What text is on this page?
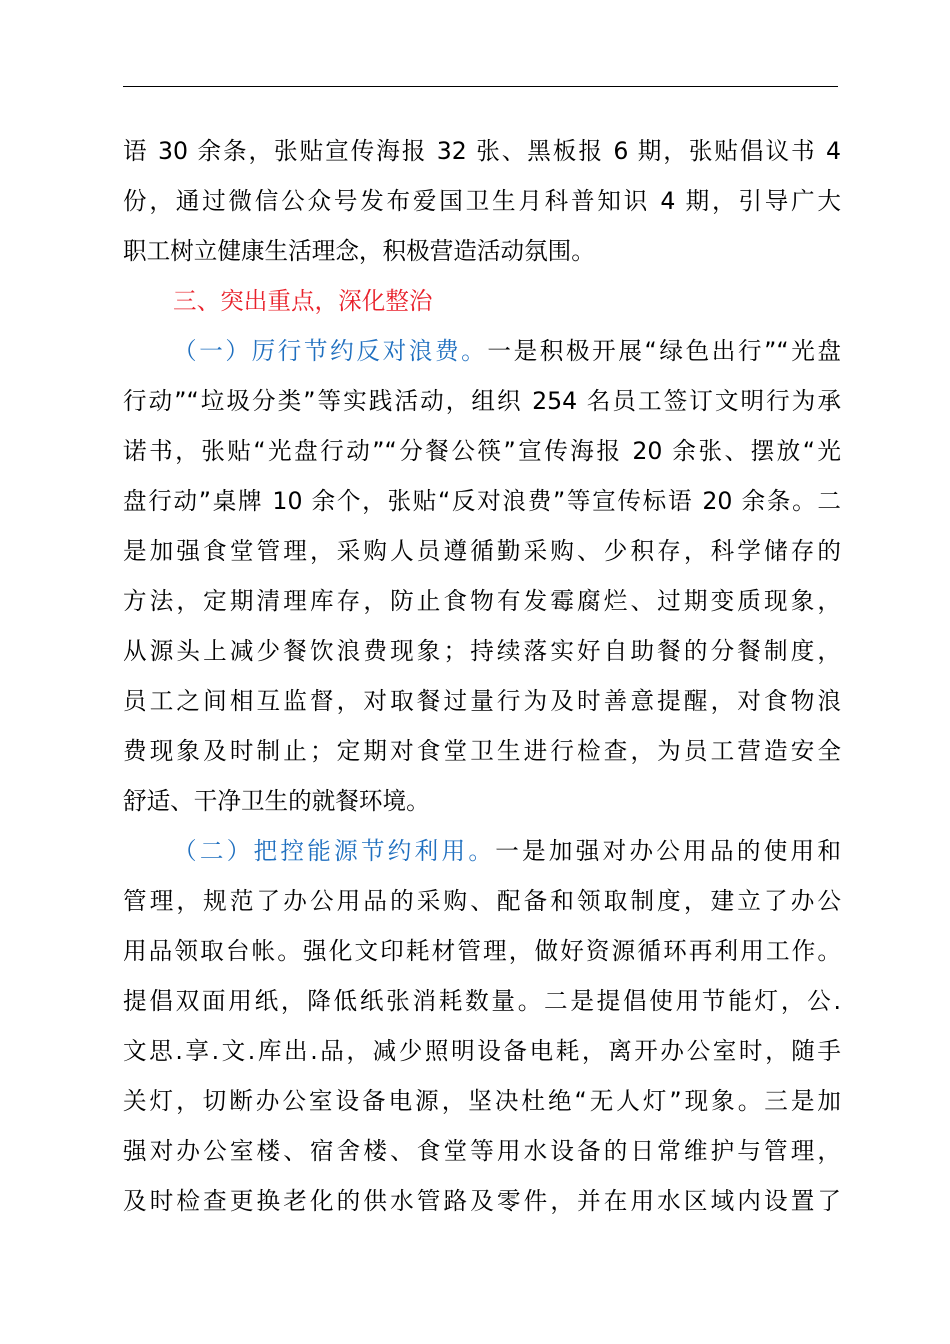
语 30 余条，张贴宣传海报 32 张、黑板报 6 期，张贴倡议书 4
份，通过微信公众号发布爱国卫生月科普知识 4 期，引导广大
职工树立健康生活理念，积极营造活动氛围。
三、突出重点，深化整治
（一）厉行节约反对浪费。一是积极开展“绿色出行”“光盘
行动”“垃圾分类”等实践活动，组织 254 名员工签订文明行为承
诺书，张贴“光盘行动”“分餐公筷”宣传海报 20 余张、摆放“光
盘行动”桌牌 10 余个，张贴“反对浪费”等宣传标语 20 余条。二
是加强食堂管理，采购人员遵循勤采购、少积存，科学储存的
方法，定期清理库存，防止食物有发霉腐烂、过期变质现象，
从源头上减少餐饮浪费现象；持续落实好自助餐的分餐制度，
员工之间相互监督，对取餐过量行为及时善意提醒，对食物浪
费现象及时制止；定期对食堂卫生进行检查，为员工营造安全
舒适、干净卫生的就餐环境。
（二）把控能源节约利用。一是加强对办公用品的使用和
管理，规范了办公用品的采购、配备和领取制度，建立了办公
用品领取台帐。强化文印耗材管理，做好资源循环再利用工作。
提倡双面用纸，降低纸张消耗数量。二是提倡使用节能灯，公.
文思.享.文.库出.品，减少照明设备电耗，离开办公室时，随手
关灯，切断办公室设备电源，坚决杜绝“无人灯”现象。三是加
强对办公室楼、宿舍楼、食堂等用水设备的日常维护与管理，
及时检查更换老化的供水管路及零件，并在用水区域内设置了
